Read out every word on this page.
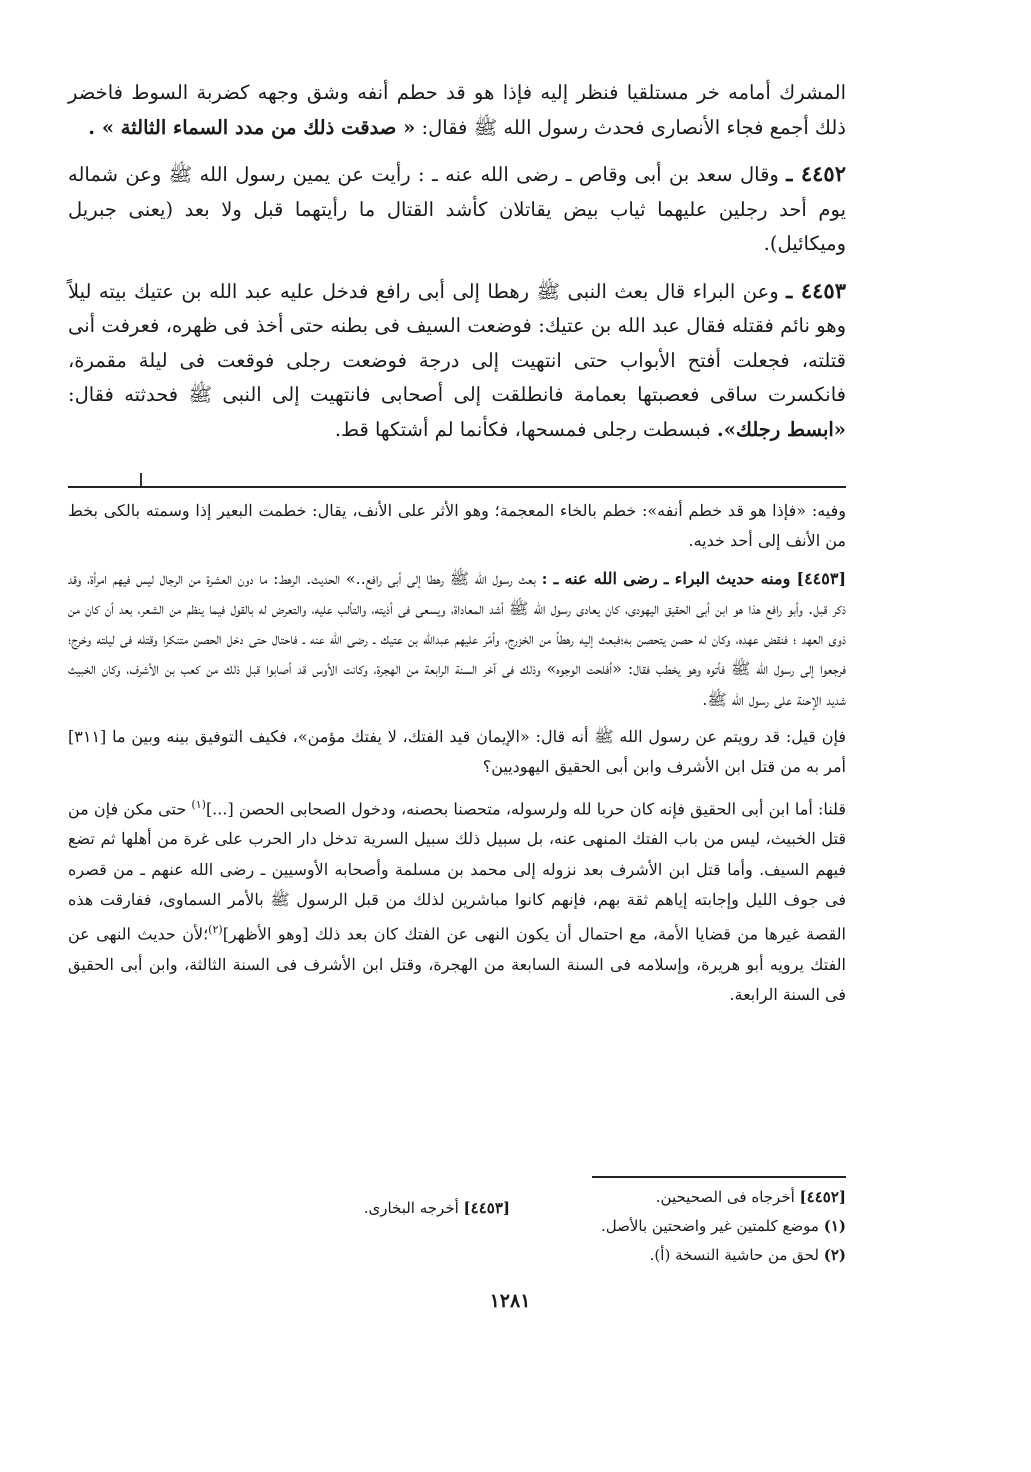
المشرك أمامه خر مستلقيا فنظر إليه فإذا هو قد حطم أنفه وشق وجهه كضربة السوط فاخضر ذلك أجمع فجاء الأنصارى فحدث رسول الله ﷺ فقال: « صدقت ذلك من مدد السماء الثالثة » .

٤٤٥٢ ـ وقال سعد بن أبى وقاص ـ رضى الله عنه ـ : رأيت عن يمين رسول الله ﷺ وعن شماله يوم أحد رجلين عليهما ثياب بيض يقاتلان كأشد القتال ما رأيتهما قبل ولا بعد (يعنى جبريل وميكائيل).

٤٤٥٣ ـ وعن البراء قال بعث النبى ﷺ رهطا إلى أبى رافع فدخل عليه عبد الله بن عتيك بيته ليلاً وهو نائم فقتله فقال عبد الله بن عتيك: فوضعت السيف فى بطنه حتى أخذ فى ظهره، فعرفت أنى قتلته، فجعلت أفتح الأبواب حتى انتهيت إلى درجة فوضعت رجلى فوقعت فى ليلة مقمرة، فانكسرت ساقى فعصبتها بعمامة فانطلقت إلى أصحابى فانتهيت إلى النبى ﷺ فحدثته فقال: «ابسط رجلك». فبسطت رجلى فمسحها، فكأنما لم أشتكها قط.

وفيه: «فإذا هو قد خطم أنفه»: خطم بالخاء المعجمة؛ وهو الأثر على الأنف، يقال: خطمت البعير إذا وسمته بالكى بخط من الأنف إلى أحد خديه.

[٤٤٥٣] ومنه حديث البراء ـ رضى الله عنه ـ : بعث رسول الله ﷺ رهطا إلى أبى رافع..» الحديث. الرهط: ما دون العشرة من الرجال ليس فيهم امرأة، وقد ذكر قبل. وأبو رافع هذا هو ابن أبى الحقيق اليهودى، كان يعادى رسول الله ﷺ أشد المعاداة، ويسعى فى أذيته، والتألب عليه، والتعرض له بالقول فيما ينظم من الشعر، بعد أن كان من ذوى العهد ؛ فنقض عهده، وكان له حصن يتحصن به؛فبعث إليه رهطاً من الخزرج، وأمّر عليهم عبدالله بن عتيك ـ رضى الله عنه ـ فاحتال حتى دخل الحصن متنكرا وقتله فى ليلته وخرج؛ فرجعوا إلى رسول الله ﷺ فأتوه وهو يخطب فقال: «أفلحت الوجوه» وذلك فى آخر السنة الرابعة من الهجرة، وكانت الأوس قد أصابوا قبل ذلك من كعب بن الأشرف، وكان الخبيث شديد الإحنة على رسول الله ﷺ.

فإن قيل: قد رويتم عن رسول الله ﷺ أنه قال: «الإيمان قيد الفتك، لا يفتك مؤمن»، فكيف التوفيق بينه وبين ما [٣١١] أمر به من قتل ابن الأشرف وابن أبى الحقيق اليهوديين؟

قلنا: أما ابن أبى الحقيق فإنه كان حربا لله ولرسوله، متحصنا بحصنه، ودخول الصحابى الحصن [...]$^{(١)}$ حتى مكن فإن من قتل الخبيث، ليس من باب الفتك المنهى عنه، بل سبيل ذلك سبيل السرية تدخل دار الحرب على غرة من أهلها ثم تضع فيهم السيف. وأما قتل ابن الأشرف بعد نزوله إلى محمد بن مسلمة وأصحابه الأوسيين ـ رضى الله عنهم ـ من قصره فى جوف الليل وإجابته إياهم ثقة بهم، فإنهم كانوا مباشرين لذلك من قبل الرسول ﷺ بالأمر السماوى، ففارقت هذه القصة غيرها من قضايا الأمة، مع احتمال أن يكون النهى عن الفتك كان بعد ذلك [وهو الأظهر]$^{(٢)}$؛لأن حديث النهى عن الفتك يرويه أبو هريرة، وإسلامه فى السنة السابعة من الهجرة، وقتل ابن الأشرف فى السنة الثالثة، وابن أبى الحقيق فى السنة الرابعة.

[٤٤٥٢] أخرجاه فى الصحيحين.
(١) موضع كلمتين غير واضحتين بالأصل.
(٢) لحق من حاشية النسخة (أ).
[٤٤٥٣] أخرجه البخارى.
١٢٨١
